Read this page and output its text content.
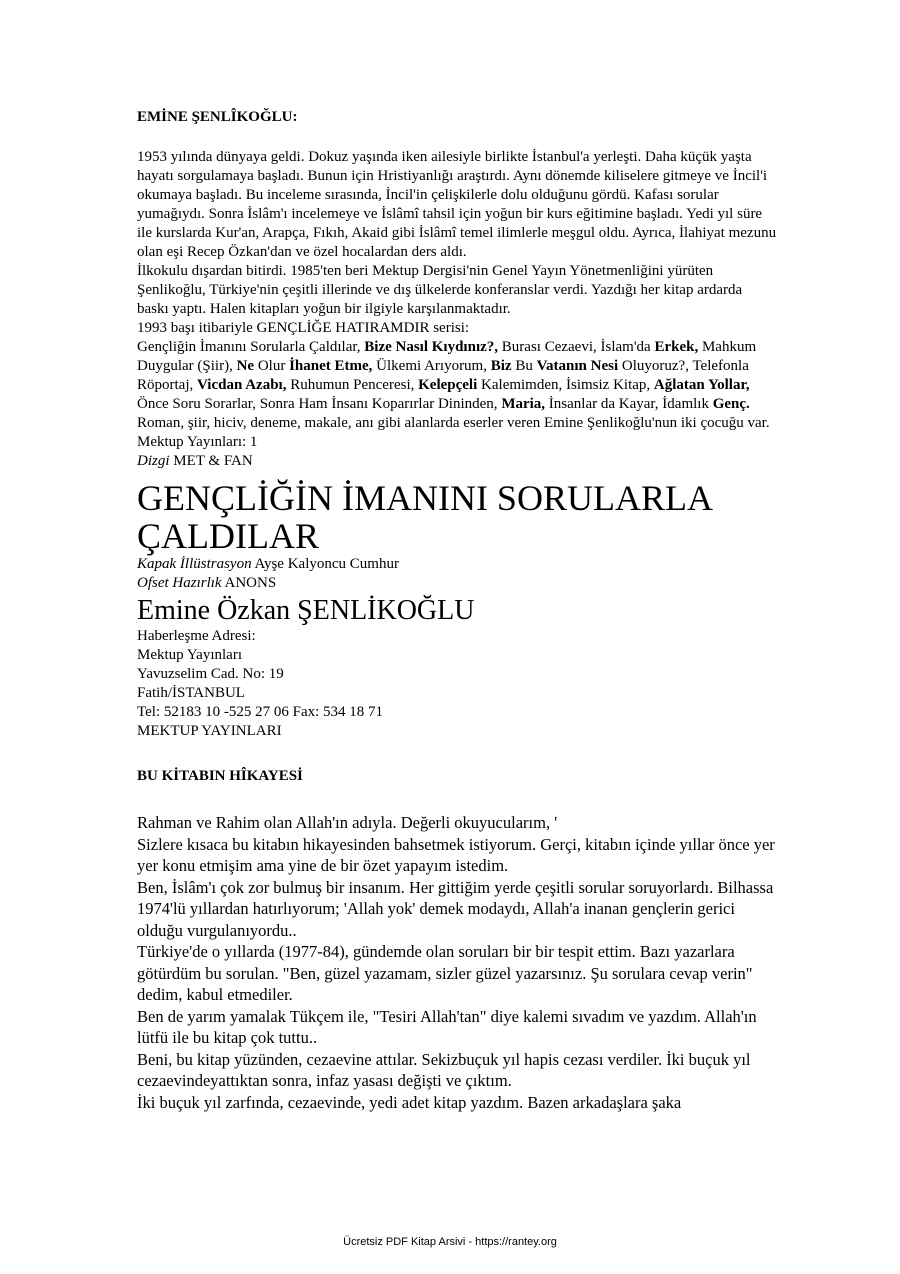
EMİNE ŞENLÎKOĞLU:

1953 yılında dünyaya geldi. Dokuz yaşında iken ailesiyle birlikte İstanbul'a yerleşti. Daha küçük yaşta hayatı sorgulamaya başladı. Bunun için Hristiyanlığı araştırdı. Aynı dönemde kiliselere gitmeye ve İncil'i okumaya başladı. Bu inceleme sırasında, İncil'in çelişkilerle dolu olduğunu gördü. Kafası sorular yumağıydı. Sonra İslâm'ı incelemeye ve İslâmî tahsil için yoğun bir kurs eğitimine başladı. Yedi yıl süre ile kurslarda Kur'an, Arapça, Fıkıh, Akaid gibi İslâmî temel ilimlerle meşgul oldu. Ayrıca, İlahiyat mezunu olan eşi Recep Özkan'dan ve özel hocalardan ders aldı.

İlkokulu dışardan bitirdi. 1985'ten beri Mektup Dergisi'nin Genel Yayın Yönetmenliğini yürüten Şenlikoğlu, Türkiye'nin çeşitli illerinde ve dış ülkelerde konferanslar verdi. Yazdığı her kitap ardarda baskı yaptı. Halen kitapları yoğun bir ilgiyle karşılanmaktadır.

1993 başı itibariyle GENÇLİĞE HATIRAMDIR serisi:

Gençliğin İmanını Sorularla Çaldılar, Bize Nasıl Kıydınız?, Burası Cezaevi, İslam'da Erkek, Mahkum Duygular (Şiir), Ne Olur İhanet Etme, Ülkemi Arıyorum, Biz Bu Vatanın Nesi Oluyoruz?, Telefonla Röportaj, Vicdan Azabı, Ruhumun Penceresi, Kelepçeli Kalemimden, İsimsiz Kitap, Ağlatan Yollar, Önce Soru Sorarlar, Sonra Ham İnsanı Koparırlar Dininden, Maria, İnsanlar da Kayar, İdamlık Genç.

Roman, şiir, hiciv, deneme, makale, anı gibi alanlarda eserler veren Emine Şenlikoğlu'nun iki çocuğu var.

Mektup Yayınları: 1

Dizgi MET & FAN

GENÇLİĞİN İMANINI SORULARLA ÇALDILAR

Kapak İllüstrasyon Ayşe Kalyoncu Cumhur

Ofset Hazırlık ANONS

Emine Özkan ŞENLİKOĞLU

Haberleşme Adresi:

Mektup Yayınları

Yavuzselim Cad. No: 19

Fatih/İSTANBUL

Tel: 52183 10 -525 27 06 Fax: 534 18 71

MEKTUP YAYINLARI

BU KİTABIN HÎKAYESİ

Rahman ve Rahim olan Allah'ın adıyla. Değerli okuyucularım, '

Sizlere kısaca bu kitabın hikayesinden bahsetmek istiyorum. Gerçi, kitabın içinde yıllar önce yer yer konu etmişim ama yine de bir özet yapayım istedim.

Ben, İslâm'ı çok zor bulmuş bir insanım. Her gittiğim yerde çeşitli sorular soruyorlardı. Bilhassa 1974'lü yıllardan hatırlıyorum; 'Allah yok' demek modaydı, Allah'a inanan gençlerin gerici olduğu vurgulanıyordu..

Türkiye'de o yıllarda (1977-84), gündemde olan soruları bir bir tespit ettim. Bazı yazarlara götürdüm bu sorulan. "Ben, güzel yazamam, sizler güzel yazarsınız. Şu sorulara cevap verin" dedim, kabul etmediler.

Ben de yarım yamalak Tükçem ile, "Tesiri Allah'tan" diye kalemi sıvadım ve yazdım. Allah'ın lütfü ile bu kitap çok tuttu..

Beni, bu kitap yüzünden, cezaevine attılar. Sekizbuçuk yıl hapis cezası verdiler. İki buçuk yıl cezaevindeyattıktan sonra, infaz yasası değişti ve çıktım.

İki buçuk yıl zarfında, cezaevinde, yedi adet kitap yazdım. Bazen arkadaşlara şaka

Ücretsiz PDF Kitap Arsivi - https://rantey.org
